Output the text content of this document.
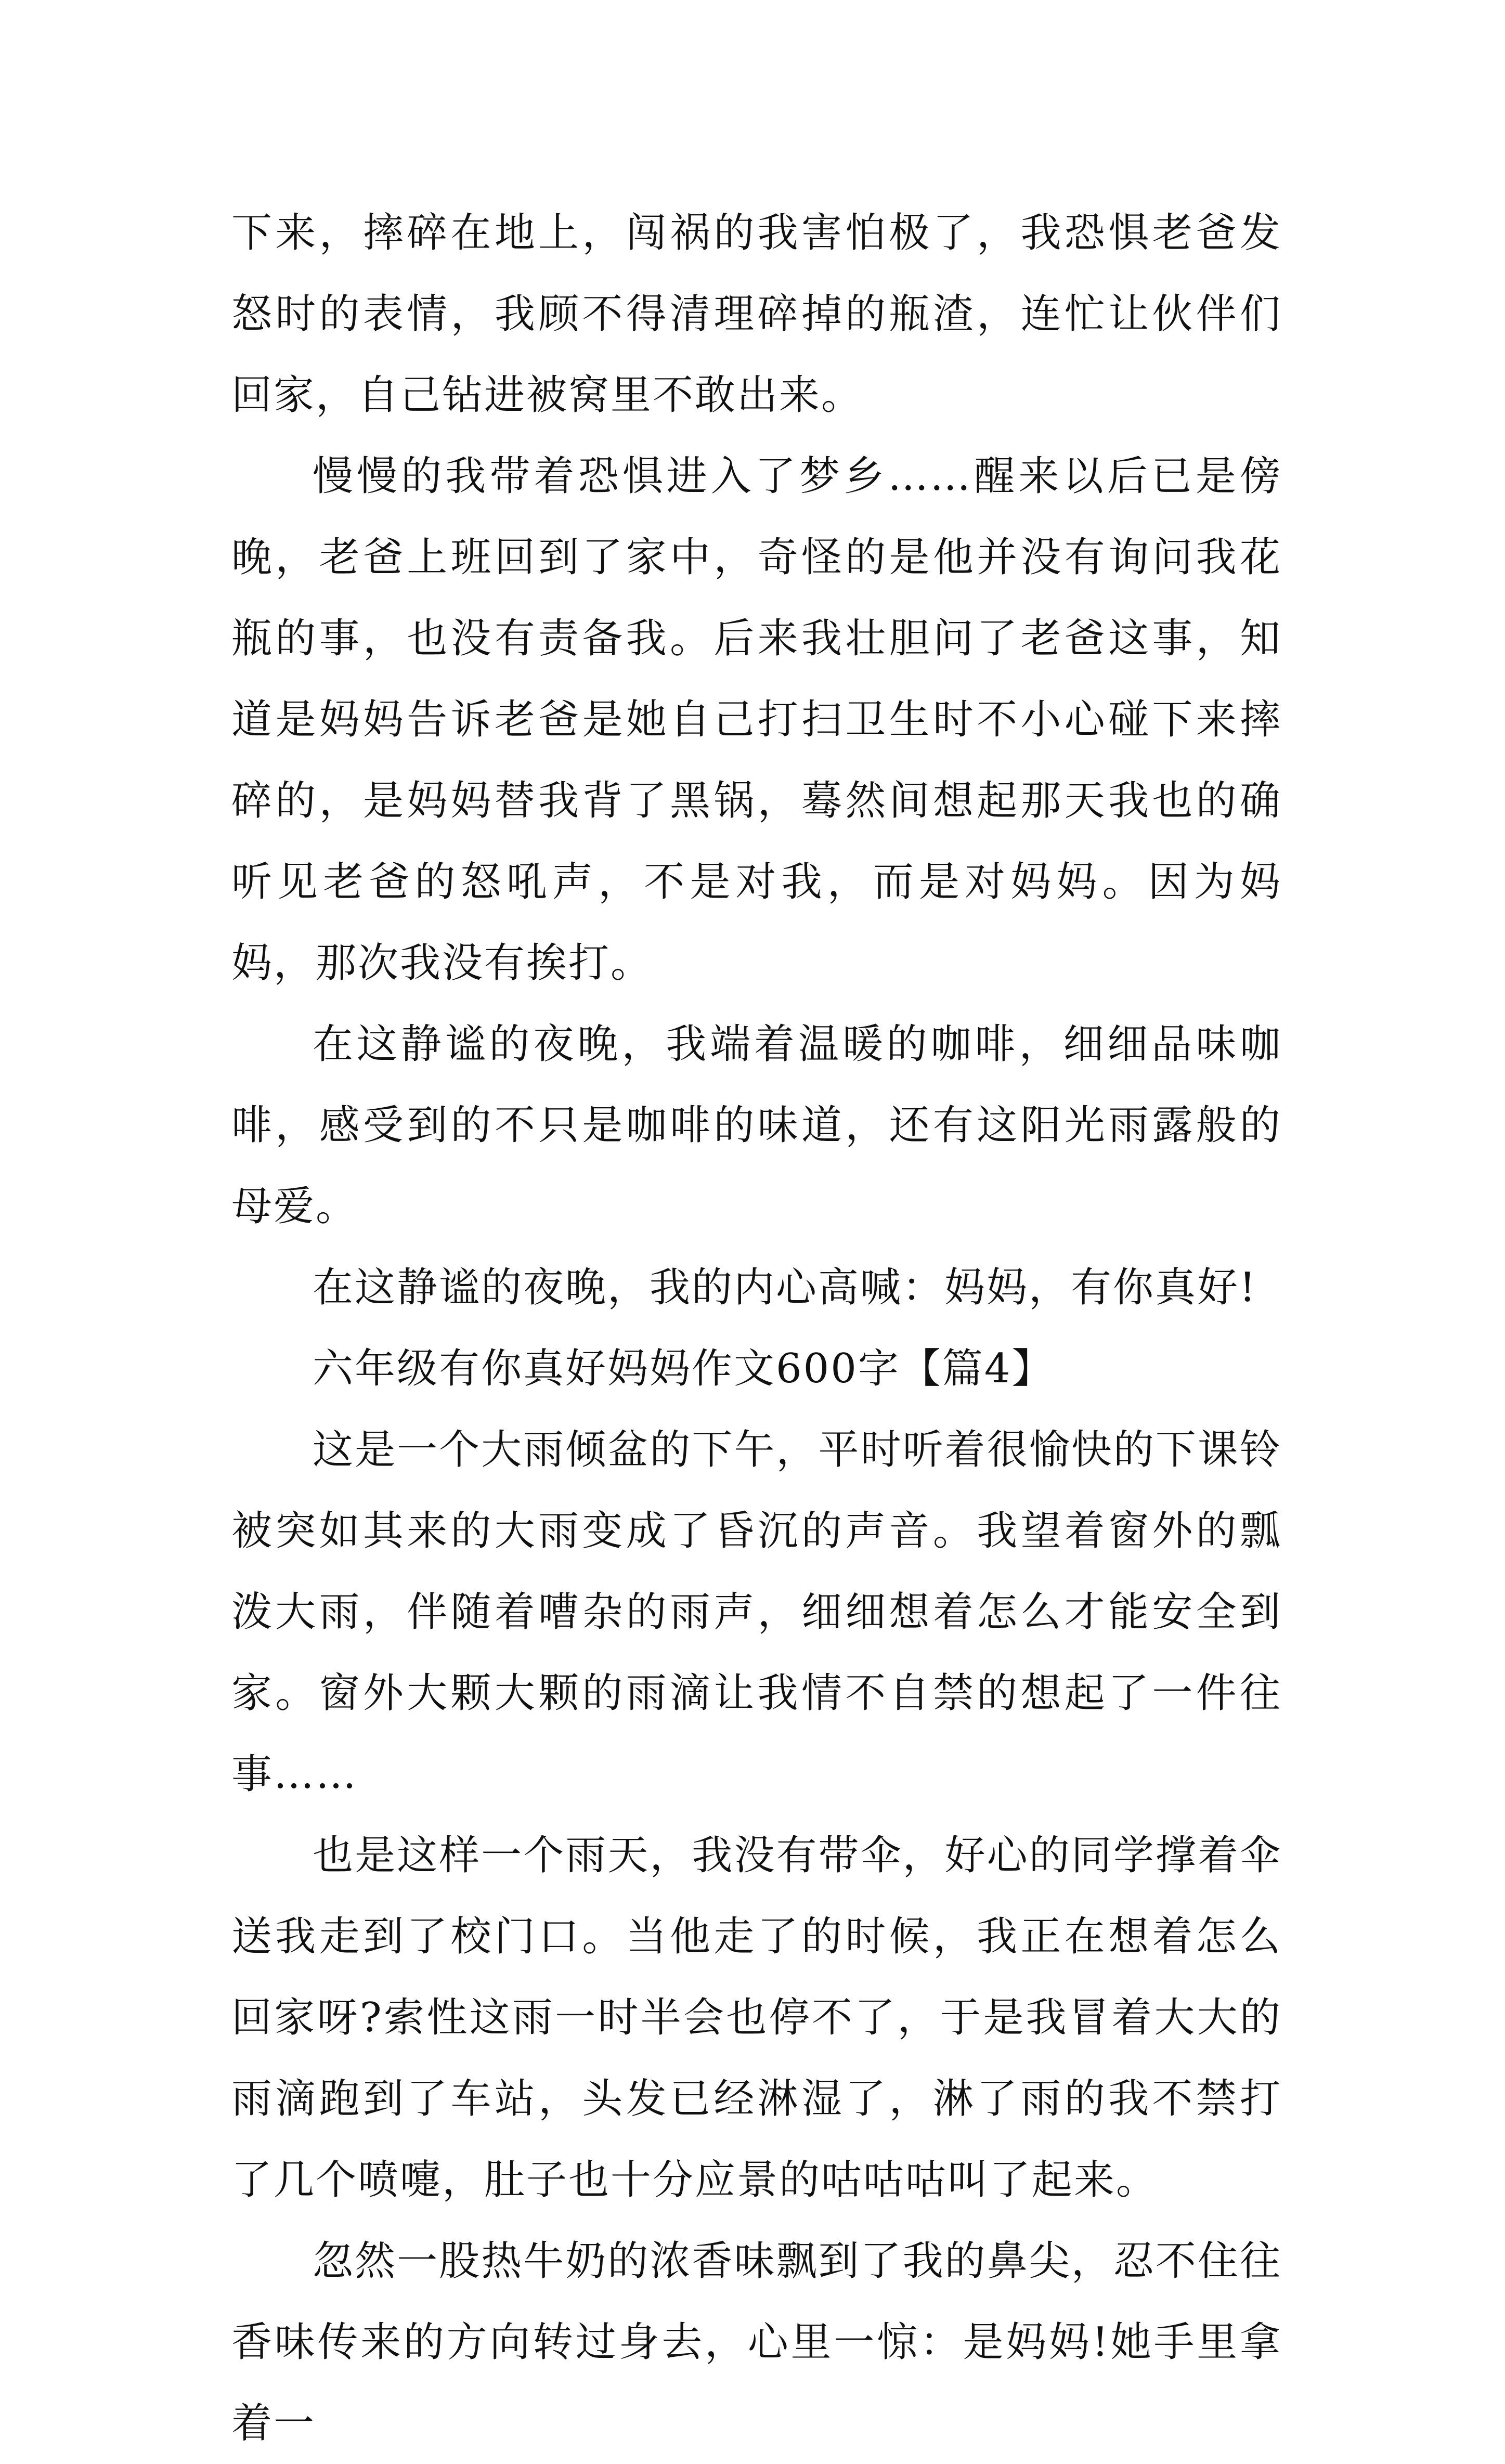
下来，摔碎在地上，闯祸的我害怕极了，我恐惧老爸发怒时的表情，我顾不得清理碎掉的瓶渣，连忙让伙伴们回家，自己钻进被窝里不敢出来。

慢慢的我带着恐惧进入了梦乡……醒来以后已是傍晚，老爸上班回到了家中，奇怪的是他并没有询问我花瓶的事，也没有责备我。后来我壮胆问了老爸这事，知道是妈妈告诉老爸是她自己打扫卫生时不小心碰下来摔碎的，是妈妈替我背了黑锅，蓦然间想起那天我也的确听见老爸的怒吼声，不是对我，而是对妈妈。因为妈妈，那次我没有挨打。

在这静谧的夜晚，我端着温暖的咖啡，细细品味咖啡，感受到的不只是咖啡的味道，还有这阳光雨露般的母爱。

在这静谧的夜晚，我的内心高喊：妈妈，有你真好!

六年级有你真好妈妈作文600字【篇4】

这是一个大雨倾盆的下午，平时听着很愉快的下课铃被突如其来的大雨变成了昏沉的声音。我望着窗外的瓢泼大雨，伴随着嘈杂的雨声，细细想着怎么才能安全到家。窗外大颗大颗的雨滴让我情不自禁的想起了一件往事……

也是这样一个雨天，我没有带伞，好心的同学撑着伞送我走到了校门口。当他走了的时候，我正在想着怎么回家呀?索性这雨一时半会也停不了，于是我冒着大大的雨滴跑到了车站，头发已经淋湿了，淋了雨的我不禁打了几个喷嚏，肚子也十分应景的咕咕咕叫了起来。

忽然一股热牛奶的浓香味飘到了我的鼻尖，忍不住往香味传来的方向转过身去，心里一惊：是妈妈!她手里拿着一
